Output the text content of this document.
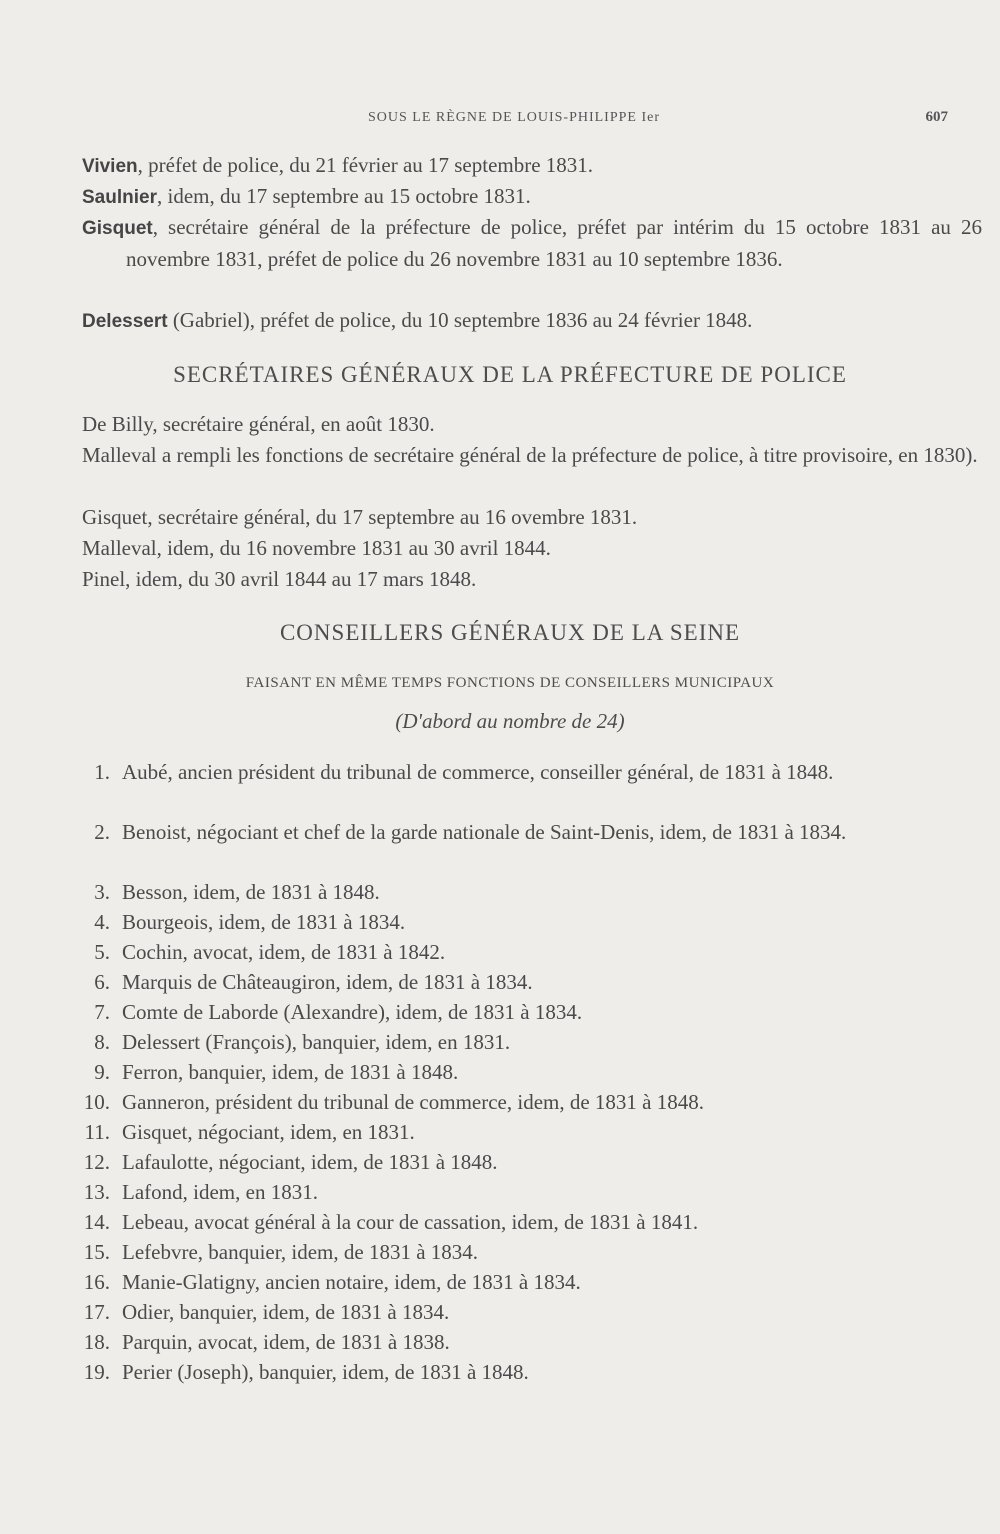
SOUS LE RÈGNE DE LOUIS-PHILIPPE Ier	607
Vivien, préfet de police, du 21 février au 17 septembre 1831.
Saulnier, idem, du 17 septembre au 15 octobre 1831.
Gisquet, secrétaire général de la préfecture de police, préfet par intérim du 15 octobre 1831 au 26 novembre 1831, préfet de police du 26 novembre 1831 au 10 septembre 1836.
Delessert (Gabriel), préfet de police, du 10 septembre 1836 au 24 février 1848.
SECRÉTAIRES GÉNÉRAUX DE LA PRÉFECTURE DE POLICE
De Billy, secrétaire général, en août 1830.
Malleval a rempli les fonctions de secrétaire général de la préfecture de police, à titre provisoire, en 1830).
Gisquet, secrétaire général, du 17 septembre au 16 ovembre 1831.
Malleval, idem, du 16 novembre 1831 au 30 avril 1844.
Pinel, idem, du 30 avril 1844 au 17 mars 1848.
CONSEILLERS GÉNÉRAUX DE LA SEINE
FAISANT EN MÊME TEMPS FONCTIONS DE CONSEILLERS MUNICIPAUX
(D'abord au nombre de 24)
1. Aubé, ancien président du tribunal de commerce, conseiller général, de 1831 à 1848.
2. Benoist, négociant et chef de la garde nationale de Saint-Denis, idem, de 1831 à 1834.
3. Besson, idem, de 1831 à 1848.
4. Bourgeois, idem, de 1831 à 1834.
5. Cochin, avocat, idem, de 1831 à 1842.
6. Marquis de Châteaugiron, idem, de 1831 à 1834.
7. Comte de Laborde (Alexandre), idem, de 1831 à 1834.
8. Delessert (François), banquier, idem, en 1831.
9. Ferron, banquier, idem, de 1831 à 1848.
10. Ganneron, président du tribunal de commerce, idem, de 1831 à 1848.
11. Gisquet, négociant, idem, en 1831.
12. Lafaulotte, négociant, idem, de 1831 à 1848.
13. Lafond, idem, en 1831.
14. Lebeau, avocat général à la cour de cassation, idem, de 1831 à 1841.
15. Lefebvre, banquier, idem, de 1831 à 1834.
16. Manie-Glatigny, ancien notaire, idem, de 1831 à 1834.
17. Odier, banquier, idem, de 1831 à 1834.
18. Parquin, avocat, idem, de 1831 à 1838.
19. Perier (Joseph), banquier, idem, de 1831 à 1848.
